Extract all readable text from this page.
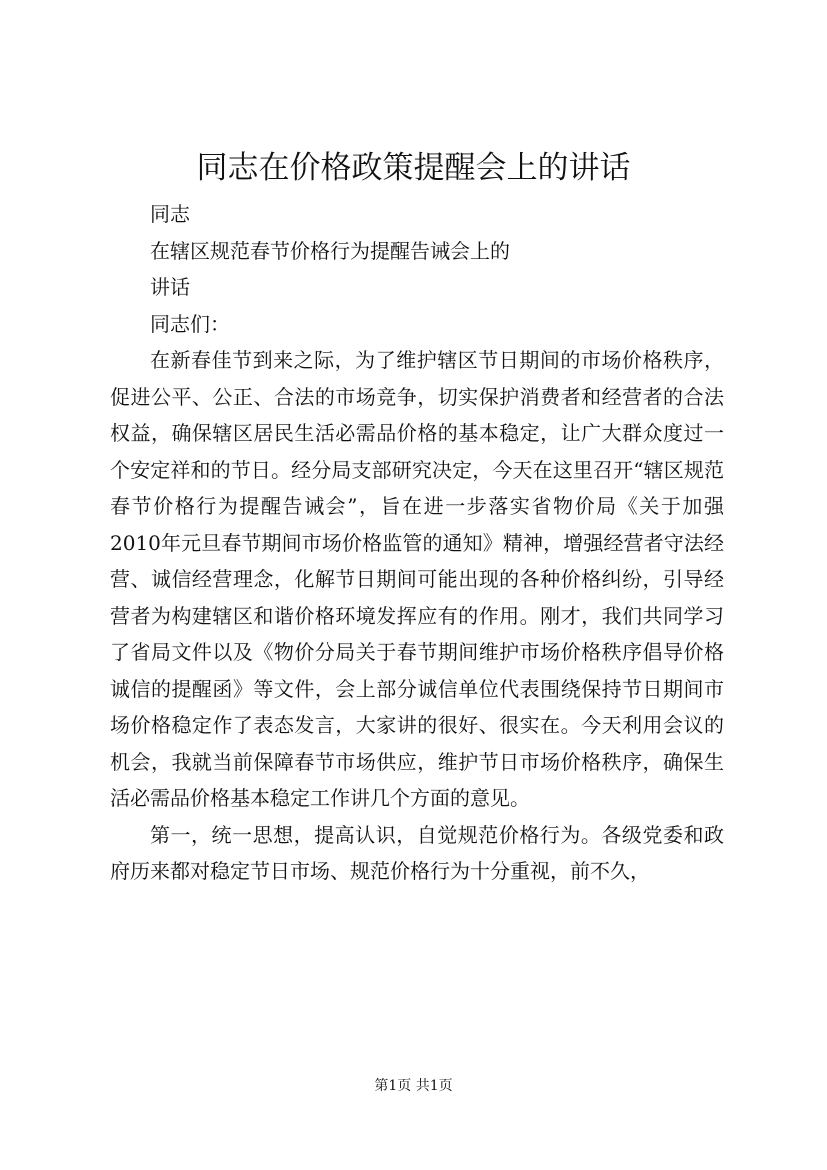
同志在价格政策提醒会上的讲话

同志

在辖区规范春节价格行为提醒告诫会上的

讲话

同志们：

在新春佳节到来之际，为了维护辖区节日期间的市场价格秩序，促进公平、公正、合法的市场竞争，切实保护消费者和经营者的合法权益，确保辖区居民生活必需品价格的基本稳定，让广大群众度过一个安定祥和的节日。经分局支部研究决定，今天在这里召开“辖区规范春节价格行为提醒告诫会”，旨在进一步落实省物价局《关于加强2010年元旦春节期间市场价格监管的通知》精神，增强经营者守法经营、诚信经营理念，化解节日期间可能出现的各种价格纠纷，引导经营者为构建辖区和谐价格环境发挥应有的作用。刚才，我们共同学习了省局文件以及《物价分局关于春节期间维护市场价格秩序倡导价格诚信的提醒函》等文件，会上部分诚信单位代表围绕保持节日期间市场价格稳定作了表态发言，大家讲的很好、很实在。今天利用会议的机会，我就当前保障春节市场供应，维护节日市场价格秩序，确保生活必需品价格基本稳定工作讲几个方面的意见。

第一，统一思想，提高认识，自觉规范价格行为。各级党委和政府历来都对稳定节日市场、规范价格行为十分重视，前不久，

第1页 共1页
